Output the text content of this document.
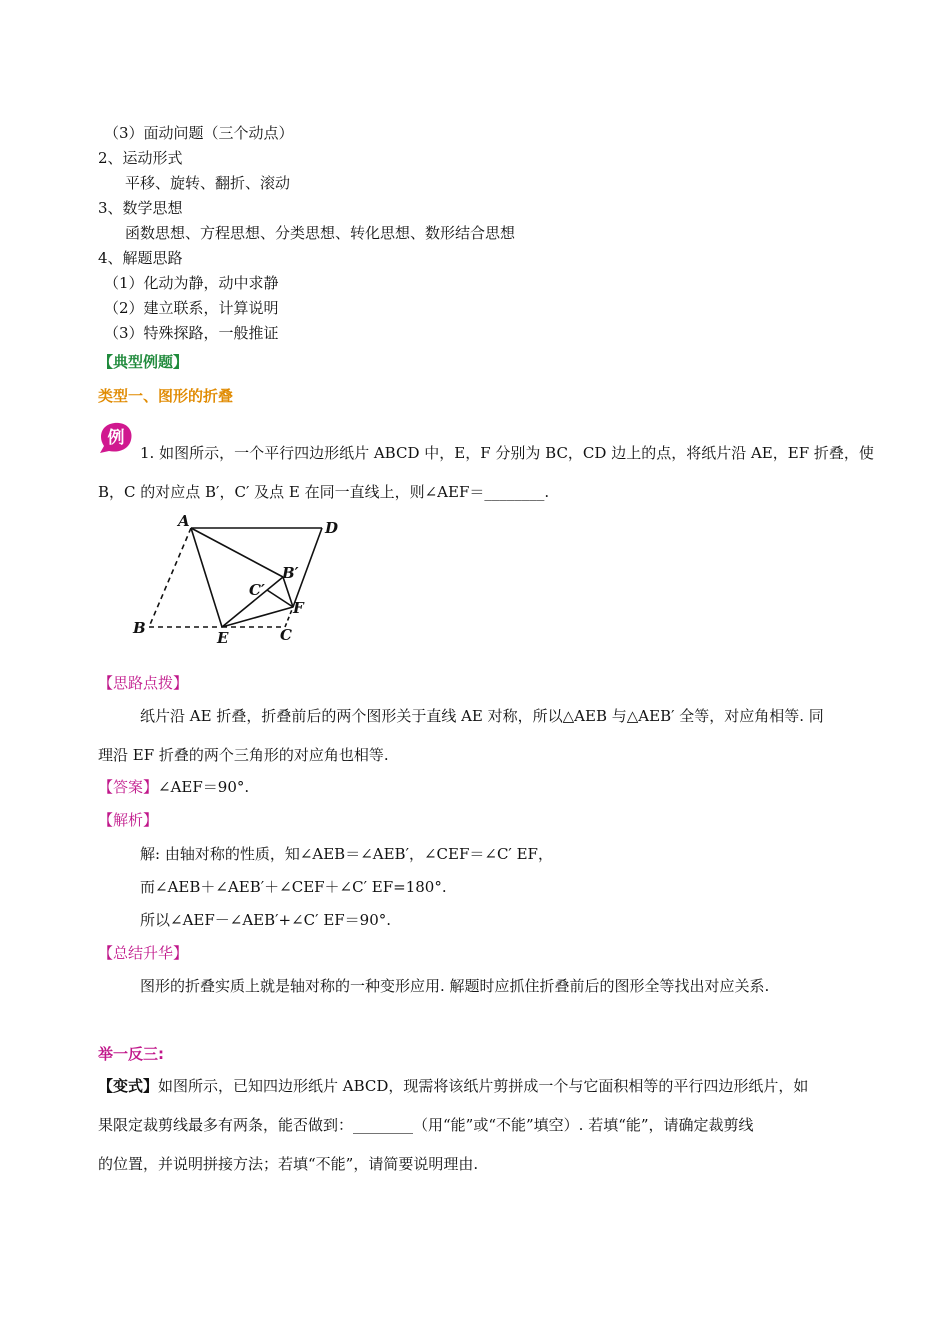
（3）面动问题（三个动点）
2、运动形式
平移、旋转、翻折、滚动
3、数学思想
函数思想、方程思想、分类思想、转化思想、数形结合思想
4、解题思路
（1）化动为静，动中求静
（2）建立联系，计算说明
（3）特殊探路，一般推证
【典型例题】
类型一、图形的折叠
例
1. 如图所示，一个平行四边形纸片 ABCD 中，E，F 分别为 BC，CD 边上的点，将纸片沿 AE，EF 折叠，使
B，C 的对应点 B′，C′ 及点 E 在同一直线上，则∠AEF＝________.
A	D
B
E	C
F
B′
C′
【思路点拨】
纸片沿 AE 折叠，折叠前后的两个图形关于直线 AE 对称，所以△AEB 与△AEB′ 全等，对应角相等. 同
理沿 EF 折叠的两个三角形的对应角也相等.
【答案】∠AEF＝90°.
【解析】
解: 由轴对称的性质，知∠AEB＝∠AEB′，∠CEF＝∠C′ EF，
而∠AEB＋∠AEB′＋∠CEF＋∠C′ EF=180°.
所以∠AEF－∠AEB′+∠C′ EF＝90°.
【总结升华】
图形的折叠实质上就是轴对称的一种变形应用. 解题时应抓住折叠前后的图形全等找出对应关系.
举一反三:
【变式】如图所示，已知四边形纸片 ABCD，现需将该纸片剪拼成一个与它面积相等的平行四边形纸片，如
果限定裁剪线最多有两条，能否做到：________（用“能”或“不能”填空）. 若填“能”，请确定裁剪线
的位置，并说明拼接方法；若填“不能”，请简要说明理由.
